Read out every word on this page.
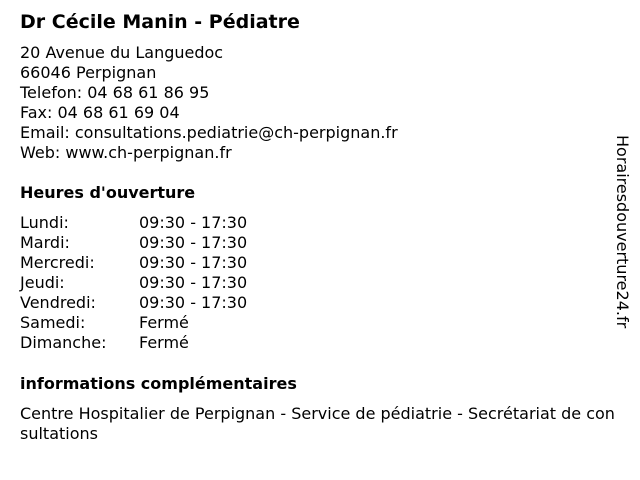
Dr Cécile Manin - Pédiatre
20 Avenue du Languedoc
66046 Perpignan
Telefon: 04 68 61 86 95
Fax: 04 68 61 69 04
Email: consultations.pediatrie@ch-perpignan.fr
Web: www.ch-perpignan.fr
Heures d'ouverture
Lundi:	09:30 - 17:30
Mardi:	09:30 - 17:30
Mercredi:	09:30 - 17:30
Jeudi:	09:30 - 17:30
Vendredi:	09:30 - 17:30
Samedi:	Fermé
Dimanche:	Fermé
informations complémentaires
Centre Hospitalier de Perpignan - Service de pédiatrie - Secrétariat de consultations
Horairesdouverture24.fr
